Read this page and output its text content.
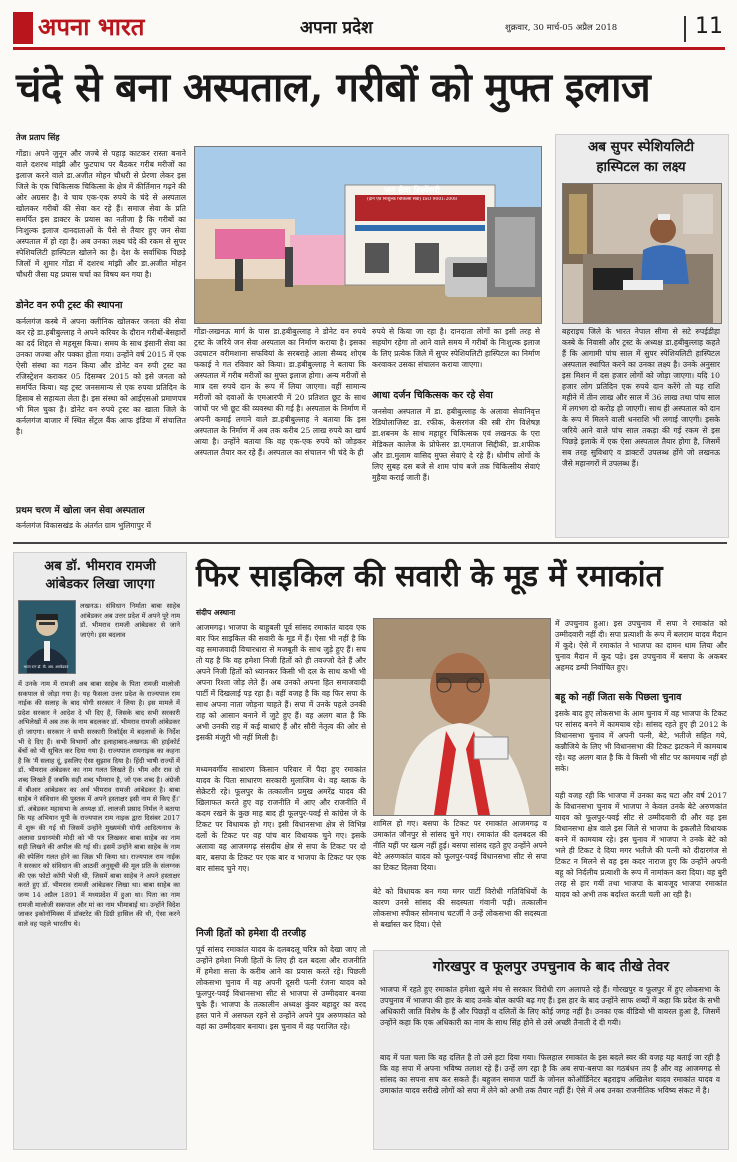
अपना भारत	अपना प्रदेश	शुक्रवार, 30 मार्च-05 अप्रैल 2018	11
चंदे से बना अस्पताल, गरीबों को मुफ्त इलाज
तेज प्रताप सिंह
गोंडा। अपने जुनून और जज्बे से पहाड़ काटकर रास्ता बनाने वाले दशरथ मांझी और फुटपाथ पर बैठकर गरीब मरीजों का इलाज करने वाले डा.अजीत मोहन चौधरी से प्रेरणा लेकर इस जिले के एक चिकित्सक चिकित्सा के क्षेत्र में कीर्तिमान गढ़ने की ओर अग्रसर है। वे चाय एक-एक रुपये के चंदे से अस्पताल खोलकर गरीबों की सेवा कर रहे हैं। समाज सेवा के प्रति समर्पित इस डाक्टर के प्रयास का नतीजा है कि गरीबों का निःशुल्क इलाज दानदाताओं के पैसे से तैयार हुए जन सेवा अस्पताल में हो रहा है। अब उनका लक्ष्य चंदे की रकम से सुपर स्पेशियलिटी हास्पिटल खोलने का है। देश के सर्वाधिक पिछड़े जिलों में शुमार गोंडा में दशरथ मांझी और डा.अजीत मोहन चौधरी जैसा यह प्रयास चर्चा का विषय बन गया है।
डोनेट वन रुपी ट्रस्ट की स्थापना
कर्नलगंज कस्बे में अपना क्लीनिक खोलकर जनता की सेवा कर रहे डा.हबीबुल्लाह ने अपने करियर के दौरान गरीबों-बेसहारों का दर्द शिद्दत से महसूस किया। समय के साथ इंसानी सेवा का उनका जज्बा और पक्का होता गया। उन्होंने वर्ष 2015 में एक ऐसी संस्था का गठन किया और डोनेट वन रुपी ट्रस्ट का रजिस्ट्रेशन कराकर 05 दिसम्बर 2015 को इसे जनता को समर्पित किया। यह ट्रस्ट जनसमान्य से एक रुपया प्रतिदिन के हिसाब से सहायता लेता है। इस संस्था को आईएसओ प्रमाणपत्र भी मिल चुका है। डोनेट वन रुपये ट्रस्ट का खाता जिले के कर्नलगंज बाजार में स्थित सेंट्रल बैंक आफ इंडिया में संचालित है।
प्रथम चरण में खोला जन सेवा अस्पताल
कर्नलगंज विकासखंड के अंतर्गत ग्राम भुलिगापुर में
जन सेवा डिस्पेंसरी
(दान एवं निःशुल्क चिकित्सा सेवा) ISO 9001:2008
गोंडा-लखनऊ मार्ग के पास डा.हबीबुल्लाह ने डोनेट वन रुपये ट्रस्ट के जरिये जन सेवा अस्पताल का निर्माण कराया है। इसका उदघाटन वरीमशाना सफवियां के सरबराहे आला सैय्यद शोएब फकाई ने गत रविवार को किया। डा.हबीबुल्लाह ने बताया कि अस्पताल में गरीब मरीजों का मुफ्त इलाज होगा। अन्य मरीजों से मात्र दस रुपये दान के रूप में लिया जाएगा। वहीं सामान्य मरीजों को दवाओं के एमआरपी में 20 प्रतिशत छूट के साथ जांचों पर भी छूट की व्यवस्था की गई है। अस्पताल के निर्माण में अपनी कमाई लगाने वाले डा.हबीबुल्लाह ने बताया कि इस अस्पताल के निर्माण में अब तक करीब 25 लाख रुपये का खर्च आया है। उन्होंने बताया कि वह एक-एक रुपये को जोड़कर अस्पताल तैयार कर रहे हैं। अस्पताल का संचालन भी चंदे के ही
रुपये से किया जा रहा है। दानदाता लोगों का इसी तरह से सहयोग रहेगा तो आने वाले समय में गरीबों के निःशुल्क इलाज के लिए प्रत्येक जिले में सुपर स्पेशियलिटी हास्पिटल का निर्माण करवाकर उसका संचालन कराया जाएगा।
आधा दर्जन चिकित्सक कर रहे सेवा
जनसेवा अस्पताल में डा. हबीबुल्लाह के अलावा सेवानिवृत्त रेडियोलाजिस्ट डा. रफीक, केसरगंज की स्त्री रोग विशेषज्ञ डा.शबनम के साथ महाहूर चिकित्सक एवं लखनऊ के एरा मेडिकल कालेज के प्रोफेसर डा.एमताज सिद्दीकी, डा.शफीक और डा.मुलाम वासिद मुफ्त सेवाएं दे रहे हैं। धोमीच लोगों के लिए सुबह दस बजे से शाम पांच बजे तक चिकित्सीय सेवाएं मुहैया कराई जाती हैं।
अब सुपर स्पेशियलिटी
हास्पिटल का लक्ष्य
बहराइच जिले के भारत नेपाल सीमा से सटे रुपईडीहा कस्बे के निवासी और ट्रस्ट के अध्यक्ष डा.हबीबुल्लाह कहते हैं कि आगामी पांच साल में सुपर स्पेशियलिटी हास्पिटल अस्पताल स्थापित करने का उनका लक्ष्य है। उनके अनुसार इस मिशन में दस हजार लोगों को जोड़ा जाएगा। यदि 10 हजार लोग प्रतिदिन एक रुपये दान करेंगे तो यह राशि महीने में तीन लाख और साल में 36 लाख तथा पांच साल में लगभग दो करोड़ हो जाएगी। साथ ही अस्पताल को दान के रूप में मिलने वाली धनराशि भी लगाई जाएगी। इसके जरिये आने वाले पांच साल तकड़ा की गई रकम से इस पिछड़े इलाके में एक ऐसा अस्पताल तैयार होगा है, जिसमें सब तरह सुविधाएं व डाक्टरों उपलब्ध होंगे जो लखनऊ जैसे महानगरों में उपलब्ध हैं।
अब डॉ. भीमराव रामजी
आंबेडकर लिखा जाएगा
भारत रत्न डॉ. बी. आर. आम्बेडकर
लखनऊ। संविधान निर्माता बाबा साहेब आंबेडकर अब उत्तर प्रदेश में अपने पूरे नाम डॉ. भीमराव रामजी आंबेडकर से जाने जाएंगे। इस बदलाव
में उनके नाम में रामजी अब बाबा साहेब के पिता रामजी मालोजी सकपाल से जोड़ा गया है। यह फैसला उत्तर प्रदेश के राज्यपाल राम नाईक की सलाह के बाद योगी सरकार ने लिया है। इस मामले में प्रदेश सरकार ने आदेश दे भी दिए हैं, जिसके बाद सभी सरकारी अभिलेखों में अब तक के नाम बदलकर डॉ. भीमराव रामजी आंबेडकर हो जाएगा। सरकार ने सभी सरकारी रिकॉर्ड्स में बदलावों के निर्देश भी दे दिए हैं। सभी विभागों और इलाहाबाद-लखनऊ की हाईकोर्ट बेंचों को भी सूचित कर दिया गया है। राज्यपाल रामनाइक का कहना है कि 'मैं सलाह दूं, इसलिए ऐसा सुझाव दिया है। हिंदी भाषी राज्यों में डॉ. भीमराव अंबेडकर का नाम गलत लिखते हैं। भीम और राव दो शब्द लिखते हैं जबकि सही शब्द भीमराव है, जो एक शब्द है। अंग्रेजी में बीआर आंबेडकर का अर्थ भीमराव रामजी आंबेडकर है। बाबा साहेब ने संविधान की पुस्तक में अपने हस्ताक्षर इसी नाम से किए हैं।' डॉ. अंबेडकर महासभा के अध्यक्ष डॉ. लालजी प्रसाद निर्मल ने बताया कि यह अभियान यूपी के राज्यपाल राम नाइक द्वारा दिसंबर 2017 में शुरू की गई थी जिसमें उन्होंने मुख्यमंत्री योगी आदित्यनाथ के अलावा प्रधानमंत्री मोदी को भी पत्र लिखकर बाबा साहेब का नाम सही लिखने की अपील की गई थी। इसमें उन्होंने बाबा साहेब के नाम की स्पेलिंग गलत होने का जिक्र भी किया था। राज्यपाल राम नाईक ने सरकार को संविधान की आठवीं अनुसूची की मूल प्रति के संलग्नक की एक फोटो कॉपी भेजी थी, जिसमें बाबा साहेब ने अपने हस्ताक्षर करते हुए डॉ. भीमराव रामजी आंबेडकर लिखा था। बाबा साहेब का जन्म 14 अप्रैल 1891 में मध्यप्रदेश में हुआ था। पिता का नाम रामजी मालोजी सकपाल और मां का नाम भीमाबाई था। उन्होंने विदेश जाकर इकोनॉमिक्स में डॉक्टरेट की डिग्री हासिल की थी, ऐसा करने वाले वह पहले भारतीय थे।
फिर साइकिल की सवारी के मूड में रमाकांत
संदीप अस्थाना
आजमगढ़। भाजपा के बाहुबली पूर्व सांसद रमाकांत यादव एक बार फिर साइकिल की सवारी के मूड में हैं। ऐसा भी नहीं है कि वह समाजवादी विचारधारा से मजबूती के साथ जुड़े हुए हैं। सच तो यह है कि वह हमेशा निजी हितों को ही तवज्जो देते हैं और अपने निजी हितों को ध्यानकर किसी भी दल के साथ कभी भी अपना रिश्ता जोड़ लेते हैं। अब उनको अपना हित समाजवादी पार्टी में दिखलाई पड़ रहा है। वहीं वजह है कि वह फिर सपा के साथ अपना नाता जोड़ना चाहते हैं। सपा में उनके पहले उनकी राह को आसान बनाने में जुटे हुए हैं। वह अलग बात है कि अभी उनकी राह में कई बाधाएं हैं और सौरी नेतृत्व की ओर से इसकी मंजूरी भी नहीं मिली है।
मध्यमवर्गीय साधारण किसान परिवार में पैदा हुए रमाकांत यादव के पिता साधारण सरकारी मुलाजिम थे। वह ब्लाक के सेक्रेटरी रहे। फूलपुर के तत्कालीन प्रमुख अमरेंद्र यादव की खिलाफत करते हुए वह राजनीति में आए और राजनीति में कदम रखने के कुछ माह बाद ही फूलपुर-पवई से कांग्रेस जे के टिकट पर विधायक हो गए। इसी विधानसभा क्षेत्र से विभिन्न दलों के टिकट पर वह पांच बार विधायक चुने गए। इसके अलावा वह आजमगढ़ संसदीय क्षेत्र से सपा के टिकट पर दो बार, बसपा के टिकट पर एक बार व भाजपा के टिकट पर एक बार सांसद चुने गए।
निजी हितों को हमेशा दी तरजीह
पूर्व सांसद रमाकांत यादव के दलबदलू चरित्र को देखा जाए तो उन्होंने हमेशा निजी हितों के लिए ही दल बदला और राजनीति में हमेशा सत्ता के करीब आने का प्रयास करते रहे। पिछली लोकसभा चुनाव में वह अपनी दूसरी पत्नी रंजना यादव को फूलपुर-पवई विधानसभा सीट से भाजपा से उम्मीदवार बनवा चुके हैं। भाजपा के तत्कालीन अध्यक्ष कुंवर बहादुर का वरद हस्त पाने में असफल रहने से उन्होंने अपने पुत्र अरुणकांत को वहां का उम्मीदवार बनाया। इस चुनाव में वह पराजित रहे।
शामिल हो गए। बसपा के टिकट पर रमाकांत आजमगढ़ व उमाकांत जौनपुर से सांसद चुने गए। रमाकांत की दलबदल की नीति यहीं पर खत्म नहीं हुई। बसपा सांसद रहते हुए उन्होंने अपने बेटे अरुणकांत यादव को फूलपुर-पवई विधानसभा सीट से सपा का टिकट दिलवा दिया।
बेटे को विधायक बन गया मगर पार्टी विरोधी गतिविधियों के कारण उनसे सांसद की सदस्यता गंवानी पड़ी। तत्कालीन लोकसभा स्पीकर सोमनाथ चटर्जी ने उन्हें लोकसभा की सदस्यता से बर्खास्त कर दिया। ऐसे
में उपचुनाव हुआ। इस उपचुनाव में सपा ने रमाकांत को उम्मीदवारी नहीं दी। सपा प्रत्याशी के रूप में बलराम यादव मैदान में कूदे। ऐसे में रमाकांत ने भाजपा का दामन थाम लिया और चुनाव मैदान में कूद पड़े। इस उपचुनाव में बसपा के अकबर अहमद डम्पी निर्वाचित हुए।
बहू को नहीं जिता सके पिछला चुनाव
इसके बाद हुए लोकसभा के आम चुनाव में वह भाजपा के टिकट पर सांसद बनने में कामयाब रहे। सांसद रहते हुए ही 2012 के विधानसभा चुनाव में अपनी पत्नी, बेटे, भतीजे सहित गये, कन्नौजिये के लिए भी विधानसभा की टिकट झटकने में कामयाब रहे। यह अलग बात है कि वे किसी भी सीट पर कामयाब नहीं हो सके।
यही वजह रही कि भाजपा में उनका कद घटा और वर्ष 2017 के विधानसभा चुनाव में भाजपा ने केवल उनके बेटे अरुणकांत यादव को फूलपुर-पवई सीट से उम्मीदवारी दी और वह इस विधानसभा क्षेत्र वाले इस जिले से भाजपा के इकलौते विधायक बनने में कामयाब रहे। इस चुनाव में भाजपा ने उनके बेटे को भले ही टिकट दे दिया मगर भतीजे की पत्नी को दीदारगंज से टिकट न मिलने से वह इस कदर नाराज हुए कि उन्होंने अपनी बहू को निर्दलीय प्रत्याशी के रूप में नामांकन करा दिया। वह बुरी तरह से हार गयीं तथा भाजपा के बावजूद भाजपा रमाकांत यादव को अभी तक बर्दाश्त करती चली आ रही है।
गोरखपुर व फूलपुर उपचुनाव के बाद तीखे तेवर
भाजपा में रहते हुए रमाकांत हमेशा खुले मंच से सरकार विरोधी राग अलापते रहे हैं। गोरखपुर व फूलपुर में हुए लोकसभा के उपचुनाव में भाजपा की हार के बाद उनके बोल काफी बढ़ गए हैं। इस हार के बाद उन्होंने साफ शब्दों में कहा कि प्रदेश के सभी अधिकारी जाति विशेष के हैं और पिछड़ों व दलितों के लिए कोई जगह नहीं है। उनका एक वीडियो भी वायरल हुआ है, जिसमें उन्होंने कहा कि एक अधिकारी का नाम के साथ सिंह होने से उसे अच्छी तैनाती दे दी गयी।
बाद में पता चला कि वह दलित है तो उसे हटा दिया गया। फिलहाल रमाकांत के इस बदले स्वर की वजह यह बताई जा रही है कि वह सपा में अपना भविष्य तलाश रहे हैं। उन्हें लग रहा है कि अब सपा-बसपा का गठबंधन तय है और वह आजमगढ़ से सांसद का सपना सच कर सकते हैं। बहुजन समाज पार्टी के जोनल कोऑर्डिनेटर बहराइच अखिलेश यादव रमाकांत यादव व उमाकांत यादव सरीखे लोगों को सपा में लेने को अभी तक तैयार नहीं हैं। ऐसे में अब उनका राजनीतिक भविष्य संकट में है।
